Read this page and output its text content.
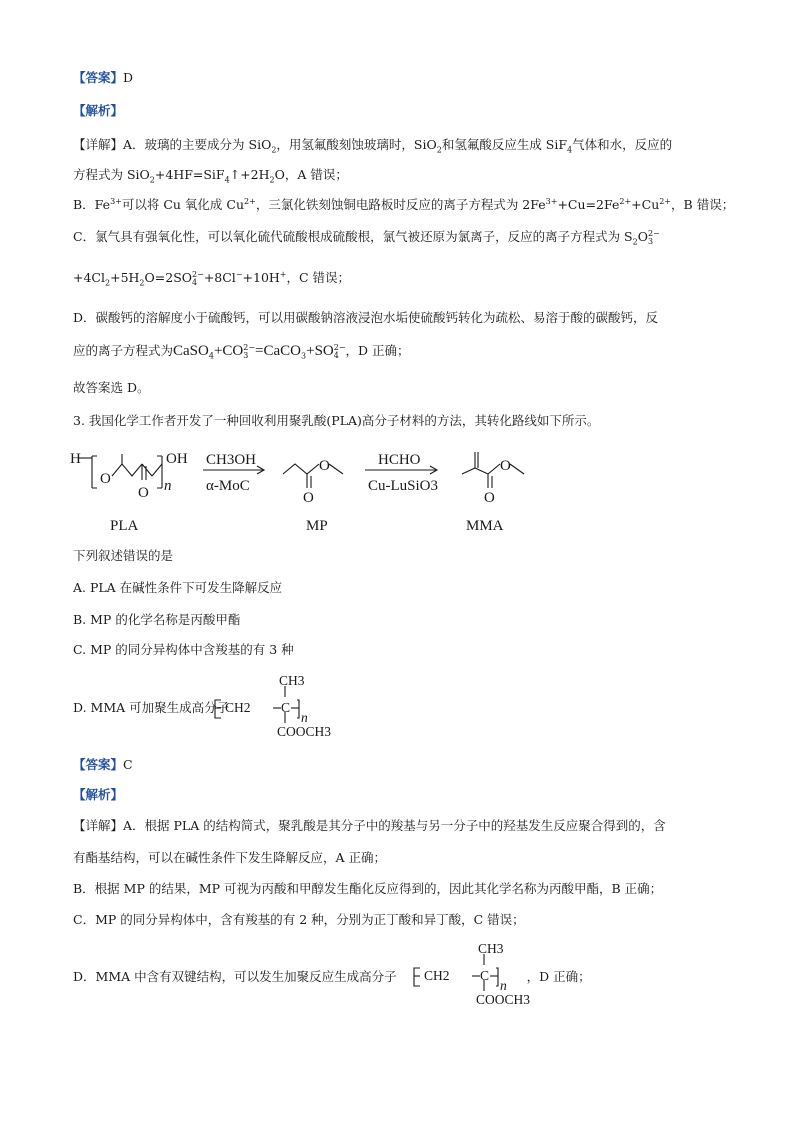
【答案】D
【解析】
【详解】A．玻璃的主要成分为 SiO$_2$，用氢氟酸刻蚀玻璃时，SiO$_2$和氢氟酸反应生成 SiF$_4$气体和水，反应的
方程式为 $SiO_2+4HF=SiF_4↑+2H_2O$，A 错误；
B．$Fe^{3+}$可以将 Cu 氧化成 $Cu^{2+}$，三氯化铁刻蚀铜电路板时反应的离子方程式为 $2Fe^{3+}+Cu=2Fe^{2+}+Cu^{2+}$，B 错误；
C．氯气具有强氧化性，可以氧化硫代硫酸根成硫酸根，氯气被还原为氯离子，反应的离子方程式为 $S_2O$ 2−
3
$+4Cl_2+5H_2O=2SO$ 2−
4 +8Cl−+10H+，C 错误；
D．碳酸钙的溶解度小于硫酸钙，可以用碳酸钠溶液浸泡水垢使硫酸钙转化为疏松、易溶于酸的碳酸钙，反
应的离子方程式为CaSO$_4$+CO 2−
3 =CaCO$_3$+SO 2−
4 ，D 正确；
故答案选 D。
3. 我国化学工作者开发了一种回收利用聚乳酸(PLA)高分子材料的方法，其转化路线如下所示。
H
O
O
OH
n
CH3OH
α-MoC
O
O
HCHO
Cu-LuSiO3
O
O
PLA	MP	MMA
下列叙述错误的是
A. PLA 在碱性条件下可发生降解反应
B. MP 的化学名称是丙酸甲酯
C. MP 的同分异构体中含羧基的有 3 种
D. MMA 可加聚生成高分子
CH3
CH2 C
n
COOCH3
【答案】C
【解析】
【详解】A．根据 PLA 的结构简式，聚乳酸是其分子中的羧基与另一分子中的羟基发生反应聚合得到的，含
有酯基结构，可以在碱性条件下发生降解反应，A 正确；
B．根据 MP 的结果，MP 可视为丙酸和甲醇发生酯化反应得到的，因此其化学名称为丙酸甲酯，B 正确；
C．MP 的同分异构体中，含有羧基的有 2 种，分别为正丁酸和异丁酸，C 错误；
D．MMA 中含有双键结构，可以发生加聚反应生成高分子	，D 正确；
CH3
CH2 C
n
COOCH3
